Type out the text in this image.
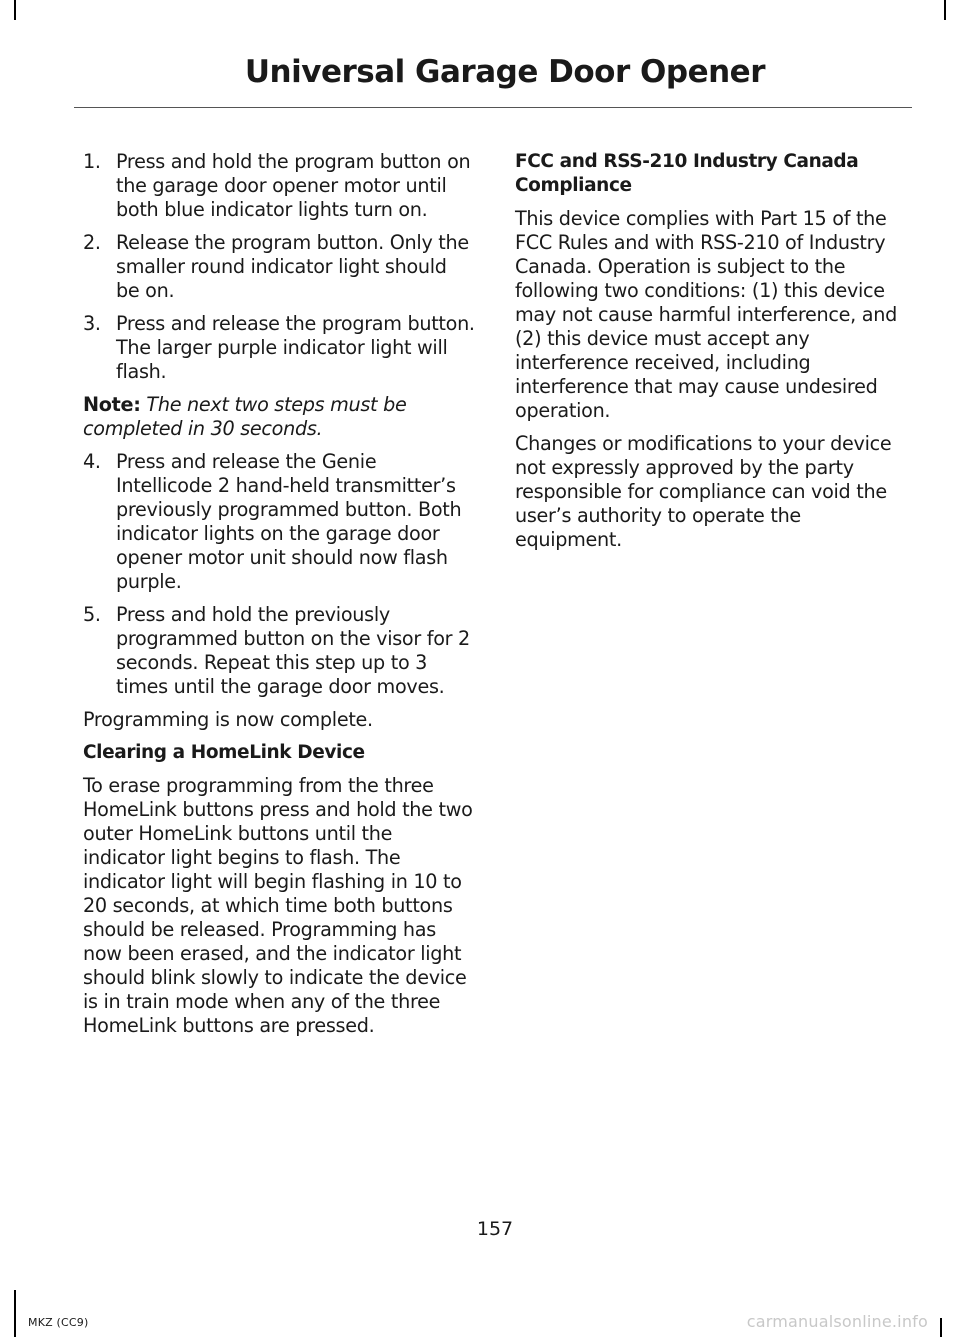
Universal Garage Door Opener
1. Press and hold the program button on the garage door opener motor until both blue indicator lights turn on.
2. Release the program button. Only the smaller round indicator light should be on.
3. Press and release the program button. The larger purple indicator light will flash.

Note: The next two steps must be completed in 30 seconds.

4. Press and release the Genie Intellicode 2 hand-held transmitter’s previously programmed button. Both indicator lights on the garage door opener motor unit should now flash purple.
5. Press and hold the previously programmed button on the visor for 2 seconds. Repeat this step up to 3 times until the garage door moves.

Programming is now complete.

Clearing a HomeLink Device

To erase programming from the three HomeLink buttons press and hold the two outer HomeLink buttons until the indicator light begins to flash. The indicator light will begin flashing in 10 to 20 seconds, at which time both buttons should be released. Programming has now been erased, and the indicator light should blink slowly to indicate the device is in train mode when any of the three HomeLink buttons are pressed.

FCC and RSS-210 Industry Canada Compliance

This device complies with Part 15 of the FCC Rules and with RSS-210 of Industry Canada. Operation is subject to the following two conditions: (1) this device may not cause harmful interference, and (2) this device must accept any interference received, including interference that may cause undesired operation.

Changes or modifications to your device not expressly approved by the party responsible for compliance can void the user’s authority to operate the equipment.

157
MKZ (CC9)	carmanualsonline.info
